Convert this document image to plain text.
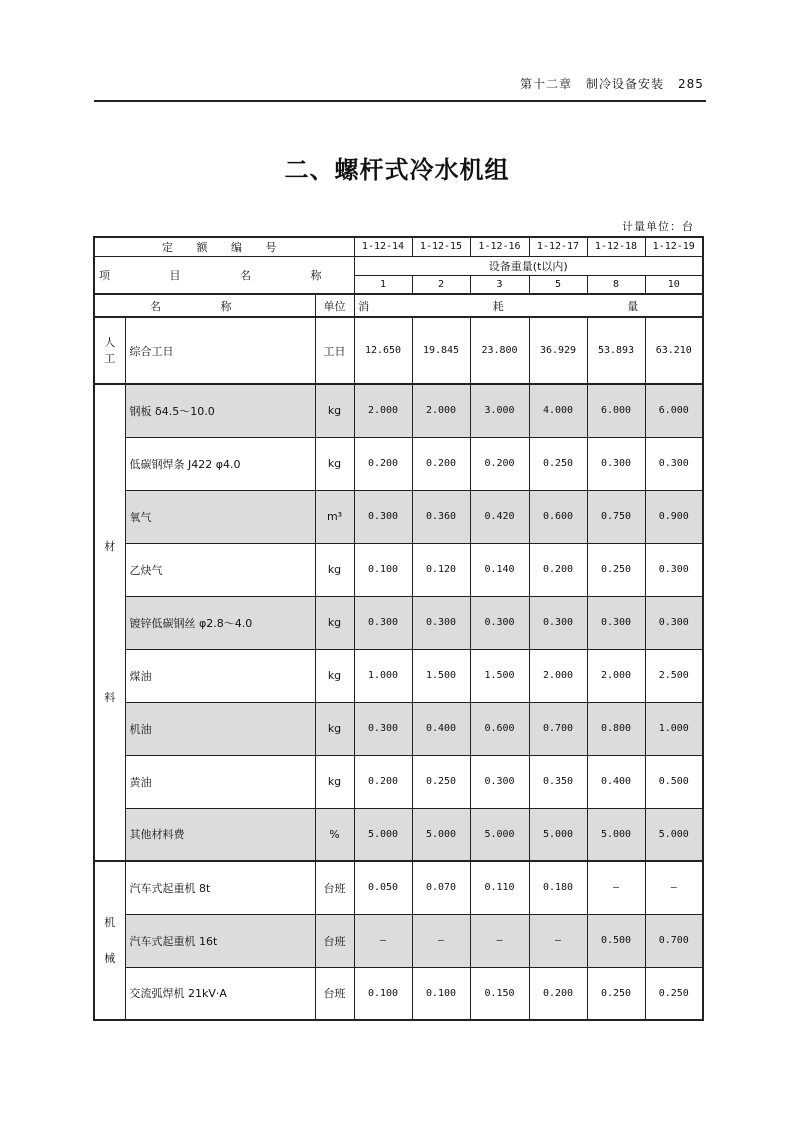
第十二章 制冷设备安装 285
二、螺杆式冷水机组
计量单位：台
定 额 编 号			1-12-14	1-12-15	1-12-16	1-12-17	1-12-18	1-12-19
项 目 名 称			设备重量(t以内)					
			1	2	3	5	8	10
名 称		单位	消 耗 量					

人
工	综合工日	工日	12.650	19.845	23.800	36.929	53.893	63.210

材
料	钢板 δ4.5～10.0	kg	2.000	2.000	3.000	4.000	6.000	6.000
	低碳钢焊条 J422 φ4.0	kg	0.200	0.200	0.200	0.250	0.300	0.300
	氧气	m³	0.300	0.360	0.420	0.600	0.750	0.900
	乙炔气	kg	0.100	0.120	0.140	0.200	0.250	0.300
	镀锌低碳钢丝 φ2.8～4.0	kg	0.300	0.300	0.300	0.300	0.300	0.300
	煤油	kg	1.000	1.500	1.500	2.000	2.000	2.500
	机油	kg	0.300	0.400	0.600	0.700	0.800	1.000
	黄油	kg	0.200	0.250	0.300	0.350	0.400	0.500
	其他材料费	%	5.000	5.000	5.000	5.000	5.000	5.000

机
械	汽车式起重机 8t	台班	0.050	0.070	0.110	0.180	—	—
	汽车式起重机 16t	台班	—	—	—	—	0.500	0.700
	交流弧焊机 21kV·A	台班	0.100	0.100	0.150	0.200	0.250	0.250
